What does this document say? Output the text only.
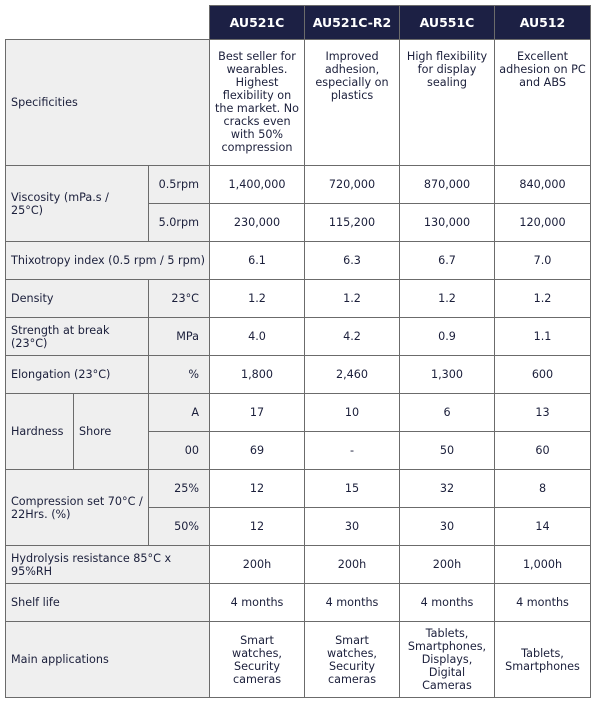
			AU521C	AU521C-R2	AU551C	AU512
Specificities			Best seller for wearables. Highest flexibility on the market. No cracks even with 50% compression	Improved adhesion, especially on plastics	High flexibility for display sealing	Excellent adhesion on PC and ABS
Viscosity (mPa.s / 25°C)		0.5rpm	1,400,000	720,000	870,000	840,000
		5.0rpm	230,000	115,200	130,000	120,000
Thixotropy index (0.5 rpm / 5 rpm)			6.1	6.3	6.7	7.0
Density		23°C	1.2	1.2	1.2	1.2
Strength at break (23°C)		MPa	4.0	4.2	0.9	1.1
Elongation (23°C)		%	1,800	2,460	1,300	600
Hardness	Shore	A	17	10	6	13
		00	69	-	50	60
Compression set 70°C / 22Hrs. (%)		25%	12	15	32	8
		50%	12	30	30	14
Hydrolysis resistance 85°C x 95%RH			200h	200h	200h	1,000h
Shelf life			4 months	4 months	4 months	4 months
Main applications			Smart watches, Security cameras	Smart watches, Security cameras	Tablets, Smartphones, Displays, Digital Cameras	Tablets, Smartphones
